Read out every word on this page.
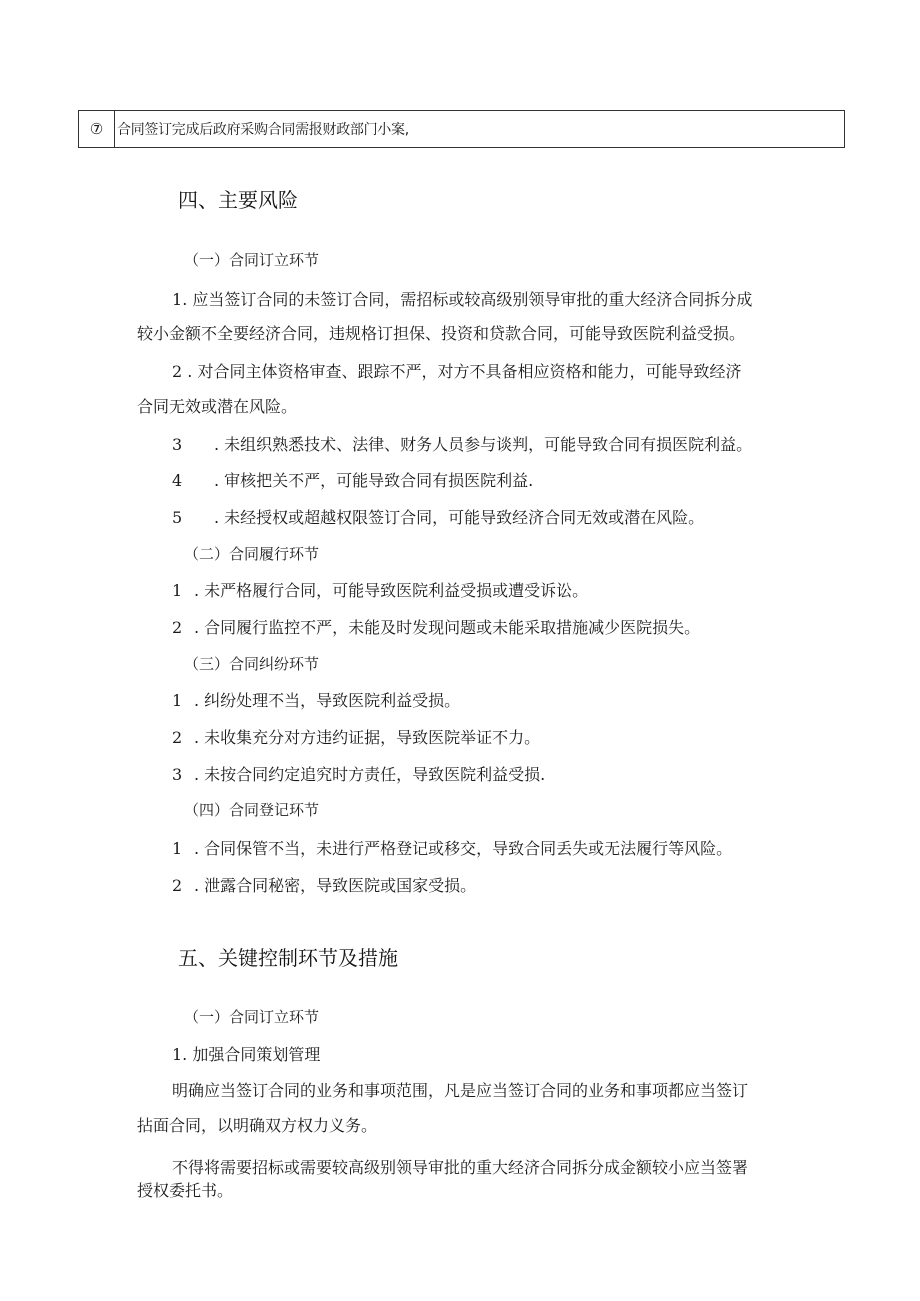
⑦ 合同签订完成后政府采购合同需报财政部门小案,
四、主要风险
（一）合同订立环节
1. 应当签订合同的未签订合同，需招标或较高级别领导审批的重大经济合同拆分成
较小金额不全要经济合同，违规格订担保、投资和贷款合同，可能导致医院利益受损。
2 . 对合同主体资格审查、跟踪不严，对方不具备相应资格和能力，可能导致经济
合同无效或潜在风险。
3 . 未组织熟悉技术、法律、财务人员参与谈判，可能导致合同有损医院利益。
4 . 审核把关不严，可能导致合同有损医院利益.
5 . 未经授权或超越权限签订合同，可能导致经济合同无效或潜在风险。
（二）合同履行环节
1 . 未严格履行合同，可能导致医院利益受损或遭受诉讼。
2 . 合同履行监控不严，未能及时发现问题或未能采取措施减少医院损失。
（三）合同纠纷环节
1 . 纠纷处理不当，导致医院利益受损。
2 . 未收集充分对方违约证据，导致医院举证不力。
3 . 未按合同约定追究时方责任，导致医院利益受损.
（四）合同登记环节
1 . 合同保管不当，未进行严格登记或移交，导致合同丢失或无法履行等风险。
2 . 泄露合同秘密，导致医院或国家受损。
五、关键控制环节及措施
（一）合同订立环节
1. 加强合同策划管理
明确应当签订合同的业务和事项范围，凡是应当签订合同的业务和事项都应当签订
拈面合同，以明确双方权力义务。
不得将需要招标或需要较高级别领导审批的重大经济合同拆分成金额较小应当签署
授权委托书。
